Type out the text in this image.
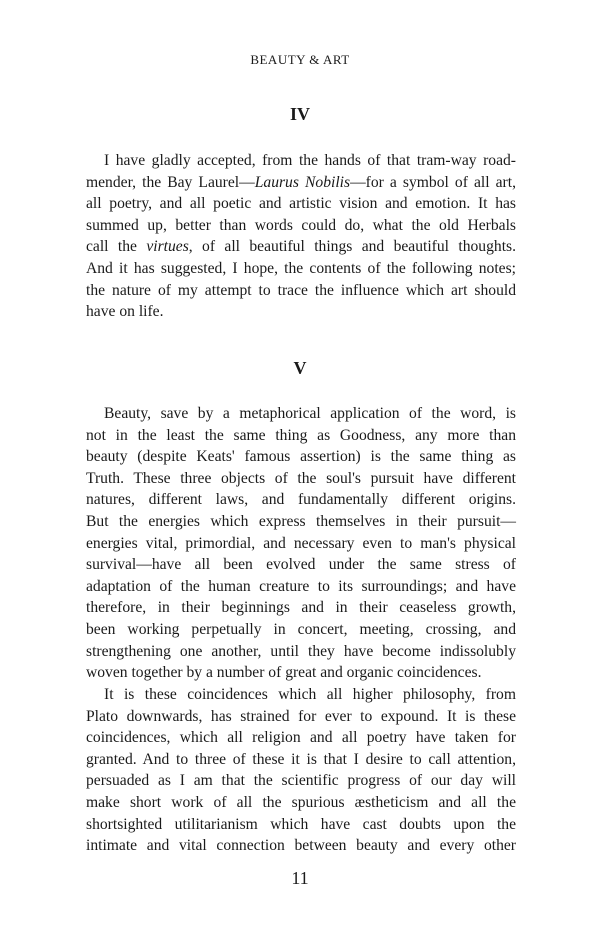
BEAUTY & ART
IV
I have gladly accepted, from the hands of that tram-way road-
mender, the Bay Laurel—Laurus Nobilis—for a symbol of all art,
all poetry, and all poetic and artistic vision and emotion. It has
summed up, better than words could do, what the old Herbals
call the virtues, of all beautiful things and beautiful thoughts.
And it has suggested, I hope, the contents of the following notes;
the nature of my attempt to trace the influence which art should
have on life.
V
Beauty, save by a metaphorical application of the word, is
not in the least the same thing as Goodness, any more than
beauty (despite Keats' famous assertion) is the same thing as
Truth. These three objects of the soul's pursuit have different
natures, different laws, and fundamentally different origins.
But the energies which express themselves in their pursuit—
energies vital, primordial, and necessary even to man's physical
survival—have all been evolved under the same stress of
adaptation of the human creature to its surroundings; and have
therefore, in their beginnings and in their ceaseless growth,
been working perpetually in concert, meeting, crossing, and
strengthening one another, until they have become indissolubly
woven together by a number of great and organic coincidences.
It is these coincidences which all higher philosophy, from
Plato downwards, has strained for ever to expound. It is these
coincidences, which all religion and all poetry have taken for
granted. And to three of these it is that I desire to call attention,
persuaded as I am that the scientific progress of our day will
make short work of all the spurious æstheticism and all the
shortsighted utilitarianism which have cast doubts upon the
intimate and vital connection between beauty and every other
11
